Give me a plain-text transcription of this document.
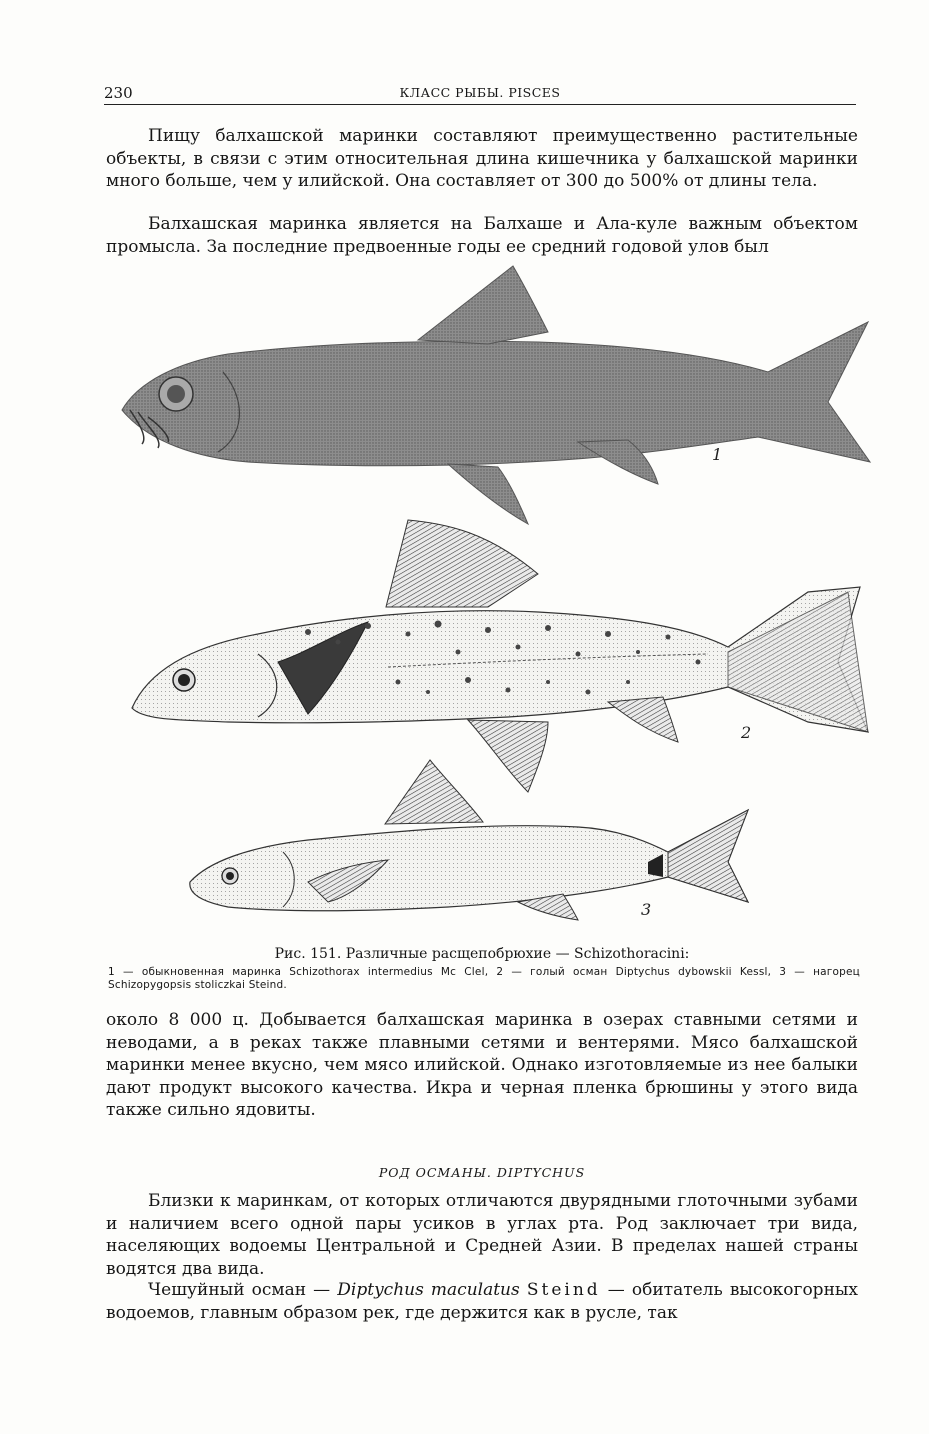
230	КЛАСС РЫБЫ. PISCES

Пищу балхашской маринки составляют преимущественно растительные объекты, в связи с этим относительная длина кишечника у балхашской маринки много больше, чем у илийской. Она составляет от 300 до 500% от длины тела.

Балхашская маринка является на Балхаше и Ала-куле важным объектом промысла. За последние предвоенные годы ее средний годовой улов был

1
2
3
Рис. 151. Различные расщепобрюхие — Schizothoracini:
1 — обыкновенная маринка Schizothorax intermedius Mc Clel, 2 — голый осман Diptychus dybowskii Kessl, 3 — нагорец Schizopygopsis stoliczkai Steind.

около 8 000 ц. Добывается балхашская маринка в озерах ставными сетями и неводами, а в реках также плавными сетями и вентерями. Мясо балхашской маринки менее вкусно, чем мясо илийской. Однако изготовляемые из нее балыки дают продукт высокого качества. Икра и черная пленка брюшины у этого вида также сильно ядовиты.

РОД ОСМАНЫ. DIPTYCHUS

Близки к маринкам, от которых отличаются двурядными глоточными зубами и наличием всего одной пары усиков в углах рта. Род заключает три вида, населяющих водоемы Центральной и Средней Азии. В пределах нашей страны водятся два вида.

Чешуйный осман — Diptychus maculatus Steind — обитатель высокогорных водоемов, главным образом рек, где держится как в русле, так
